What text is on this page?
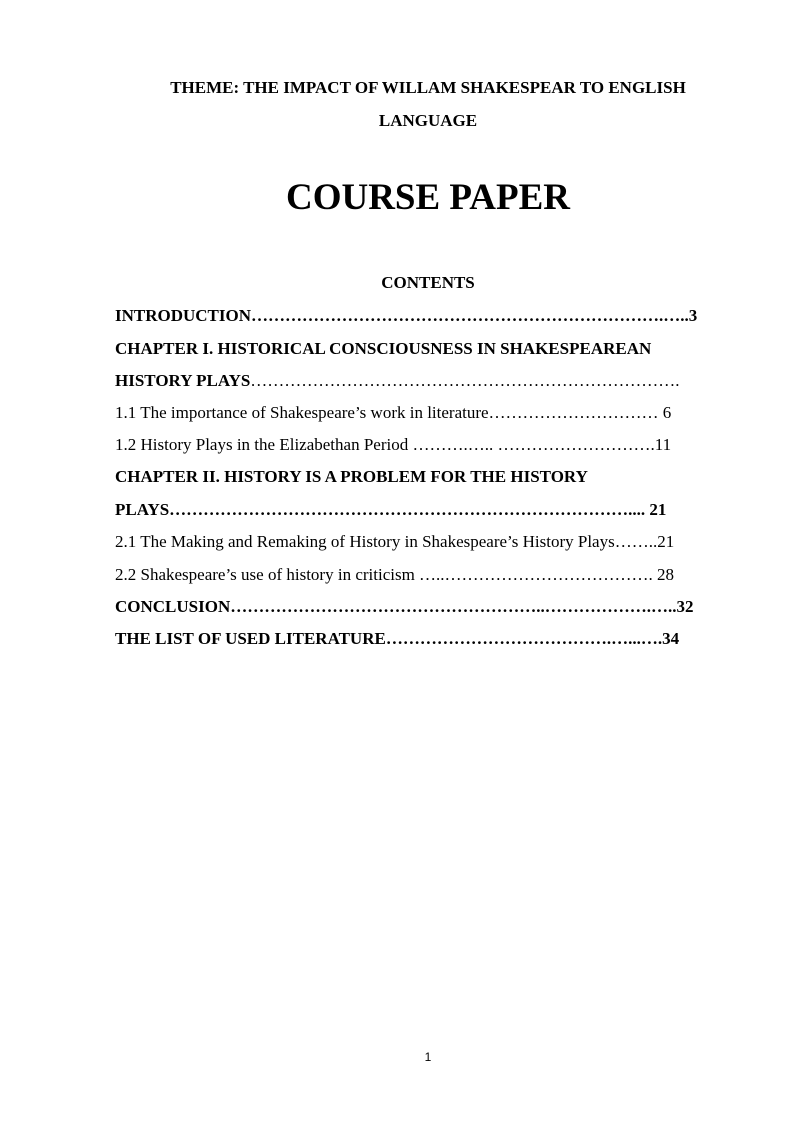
THEME: THE IMPACT OF WILLAM SHAKESPEAR TO ENGLISH
LANGUAGE
COURSE PAPER
CONTENTS
INTRODUCTION……………………………………………………………….…..3
CHAPTER I. HISTORICAL CONSCIOUSNESS IN SHAKESPEAREAN
HISTORY PLAYS………………………………………………………………….
1.1 The importance of Shakespeare’s work in literature………………………… 6
1.2 History Plays in the Elizabethan Period ……….….. ……………………….11
CHAPTER II. HISTORY IS A PROBLEM FOR THE HISTORY
PLAYS……………………………………………………………………….... 21
2.1 The Making and Remaking of History in Shakespeare’s History Plays……..21
2.2 Shakespeare’s use of history in criticism …..………………………………. 28
CONCLUSION………………………………………………..……………….…..32
THE LIST OF USED LITERATURE………………………………….…...….34
1
